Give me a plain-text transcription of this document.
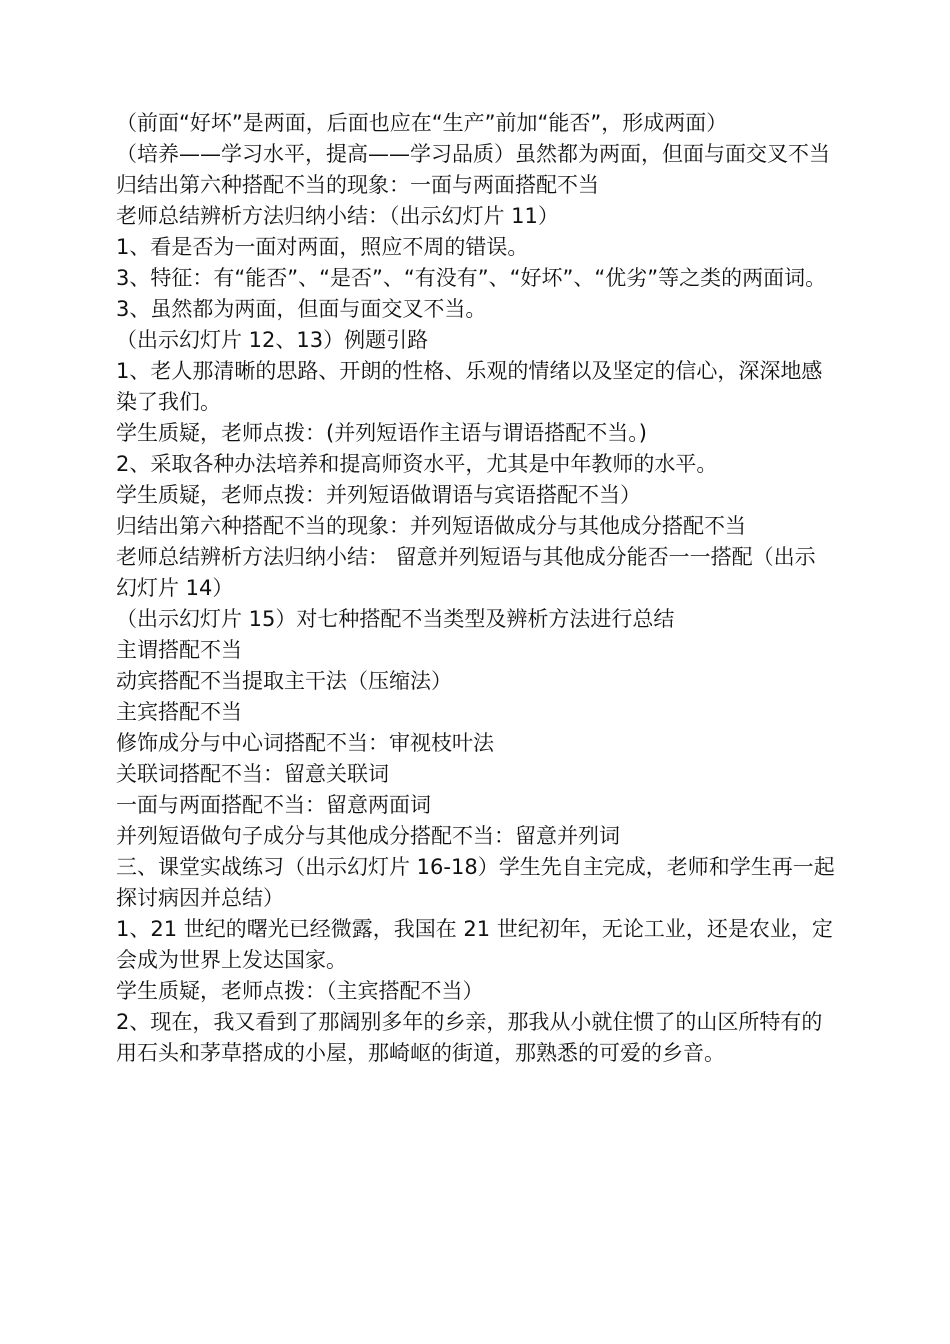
（前面“好坏”是两面，后面也应在“生产”前加“能否”，形成两面）

（培养——学习水平，提高——学习品质）虽然都为两面，但面与面交叉不当

归结出第六种搭配不当的现象：一面与两面搭配不当

老师总结辨析方法归纳小结：（出示幻灯片 11）

1、看是否为一面对两面，照应不周的错误。

3、特征：有“能否”、“是否”、“有没有”、“好坏”、“优劣”等之类的两面词。

3、虽然都为两面，但面与面交叉不当。

（出示幻灯片 12、13）例题引路

1、老人那清晰的思路、开朗的性格、乐观的情绪以及坚定的信心，深深地感染了我们。

学生质疑，老师点拨：(并列短语作主语与谓语搭配不当。)

2、采取各种办法培养和提高师资水平，尤其是中年教师的水平。

学生质疑，老师点拨：并列短语做谓语与宾语搭配不当）

归结出第六种搭配不当的现象：并列短语做成分与其他成分搭配不当

老师总结辨析方法归纳小结： 留意并列短语与其他成分能否一一搭配（出示幻灯片 14）

（出示幻灯片 15）对七种搭配不当类型及辨析方法进行总结

主谓搭配不当

动宾搭配不当提取主干法（压缩法）

主宾搭配不当

修饰成分与中心词搭配不当：审视枝叶法

关联词搭配不当：留意关联词

一面与两面搭配不当：留意两面词

并列短语做句子成分与其他成分搭配不当：留意并列词

三、课堂实战练习（出示幻灯片 16-18）学生先自主完成，老师和学生再一起探讨病因并总结）

1、21 世纪的曙光已经微露，我国在 21 世纪初年，无论工业，还是农业，定会成为世界上发达国家。

学生质疑，老师点拨：（主宾搭配不当）

2、现在，我又看到了那阔别多年的乡亲，那我从小就住惯了的山区所特有的用石头和茅草搭成的小屋，那崎岖的街道，那熟悉的可爱的乡音。
